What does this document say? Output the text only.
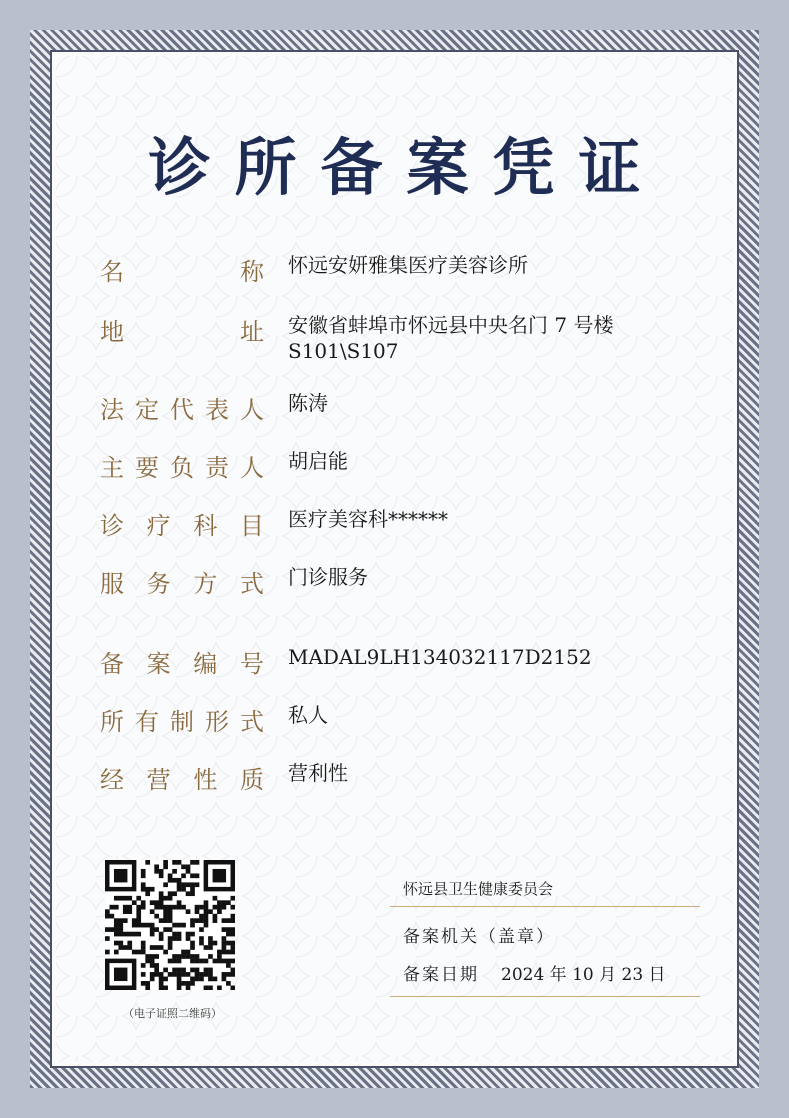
诊所备案凭证
名	称 怀远安妍雅集医疗美容诊所
地	址 安徽省蚌埠市怀远县中央名门 7 号楼
S101\S107
法 定 代 表 人 陈涛
主 要 负 责 人 胡启能
诊 疗 科 目 医疗美容科******
服 务 方 式 门诊服务
备 案 编 号 MADAL9LH134032117D2152
所 有 制 形 式 私人
经 营 性 质 营利性
（电子证照二维码）
怀远县卫生健康委员会
备案机关（盖章）
备案日期 2024 年 10 月 23 日
